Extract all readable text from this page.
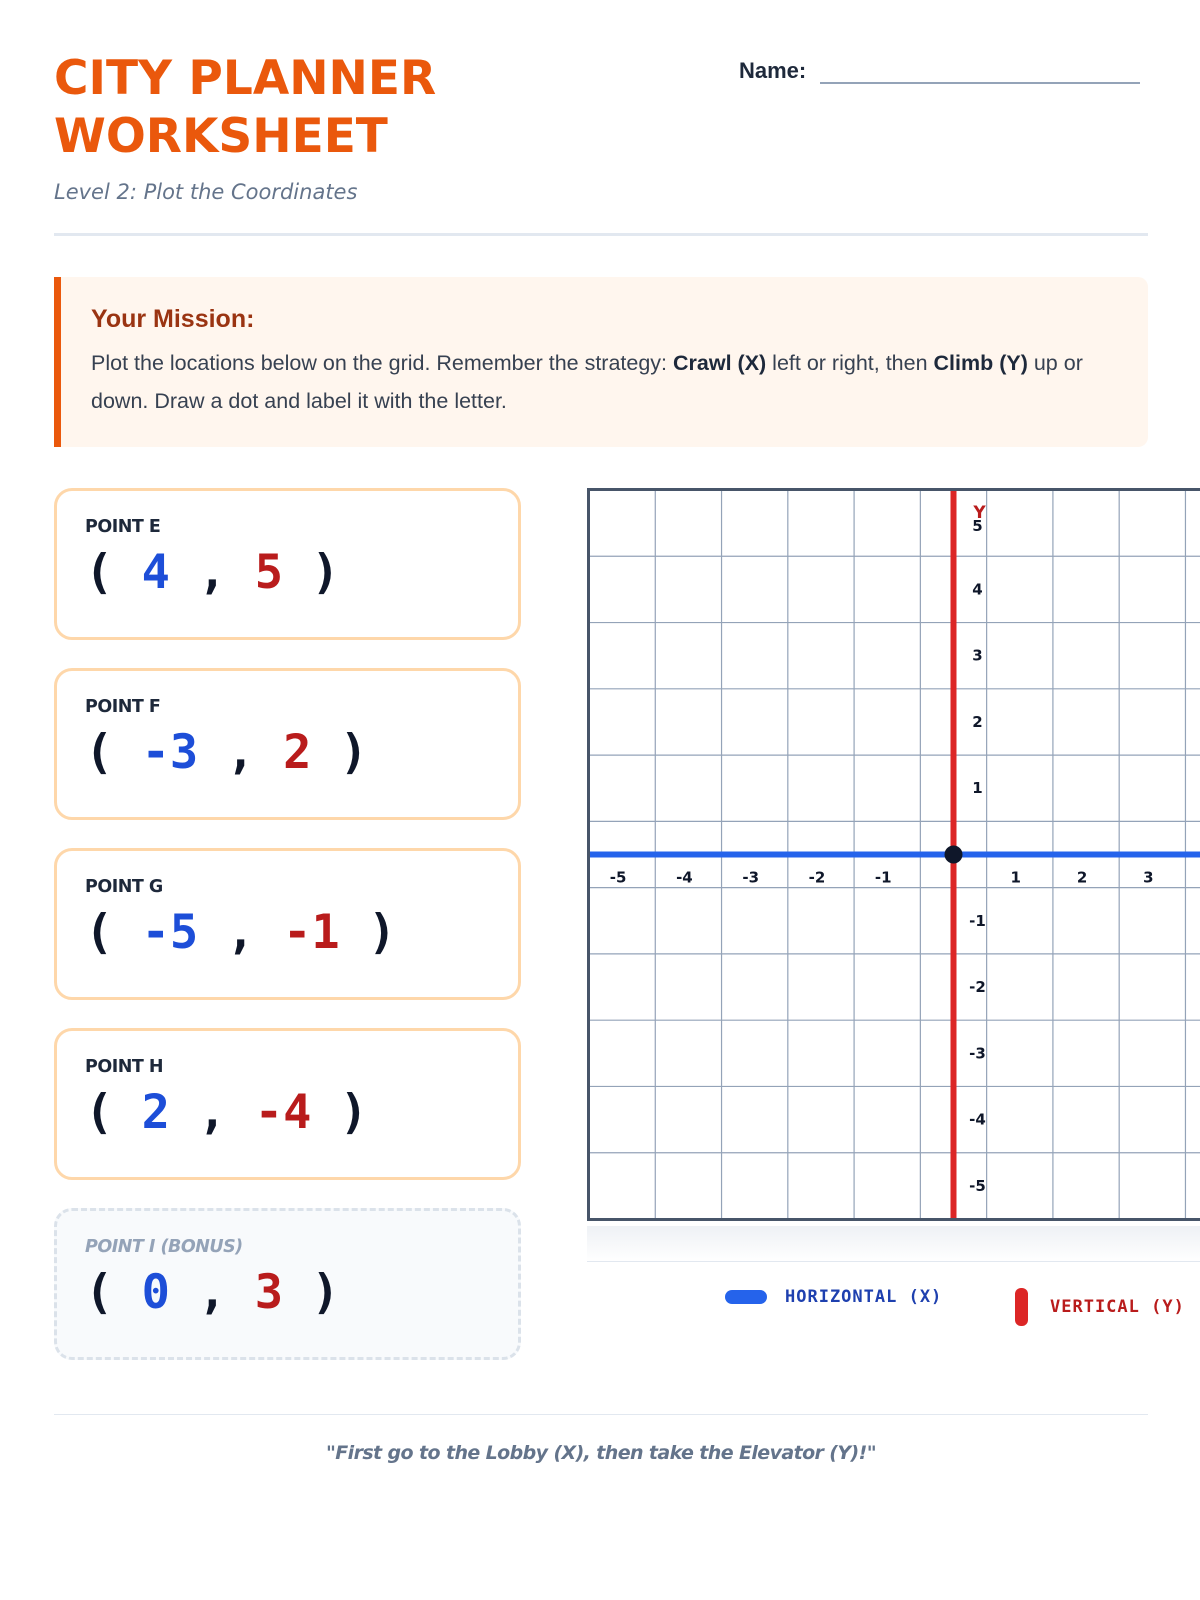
CITY PLANNER
WORKSHEET
Level 2: Plot the Coordinates
Name:
Your Mission:
Plot the locations below on the grid. Remember the strategy: Crawl (X) left or right, then Climb (Y) up or down. Draw a dot and label it with the letter.
POINT E
( 4 , 5 )
POINT F
( -3 , 2 )
POINT G
( -5 , -1 )
POINT H
( 2 , -4 )
POINT I (BONUS)
( 0 , 3 )
-5	-4	-3	-2	-1	1	2	3
5
4
3
2
1
-1
-2
-3
-4
-5
Y
HORIZONTAL (X)	VERTICAL (Y)
"First go to the Lobby (X), then take the Elevator (Y)!"
